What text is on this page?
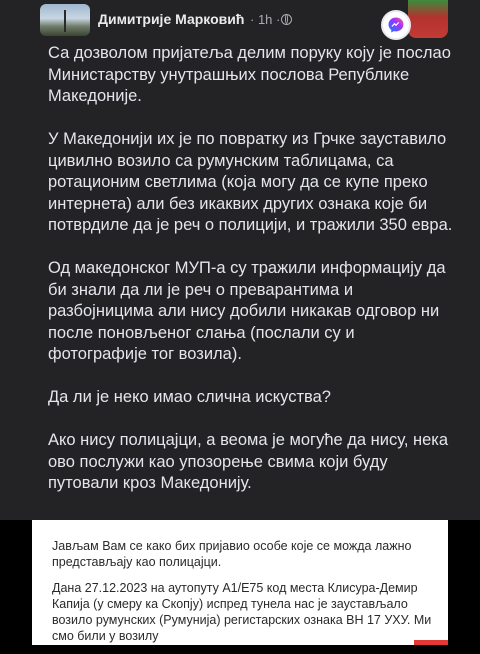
Димитрије Марковић · 1h ·

Са дозволом пријатеља делим поруку коју је послао Министарству унутрашњих послова Републике Македоније.

У Македонији их је по повратку из Грчке зауставило цивилно возило са румунским таблицама, са ротационим светлима (која могу да се купе преко интернета) али без икаквих других ознака које би потврдиле да је реч о полицији, и тражили 350 евра.

Од македонског МУП-а су тражили информацију да би знали да ли је реч о преварантима и разбојницима али нису добили никакав одговор ни после поновљеног слања (послали су и фотографије тог возила).

Да ли је неко имао слична искуства?

Ако нису полицајци, а веома је могуће да нису, нека ово послужи као упозорење свима који буду путовали кроз Македонију.

Јављам Вам се како бих пријавио особе које се можда лажно представљају као полицајци.

Дана 27.12.2023 на аутопуту А1/Е75 код места Клисура-Демир Капија (у смеру ка Скопју) испред тунела нас је заустављало возило румунских (Румунија) регистарских ознака ВН 17 УХУ. Ми смо били у возилу
